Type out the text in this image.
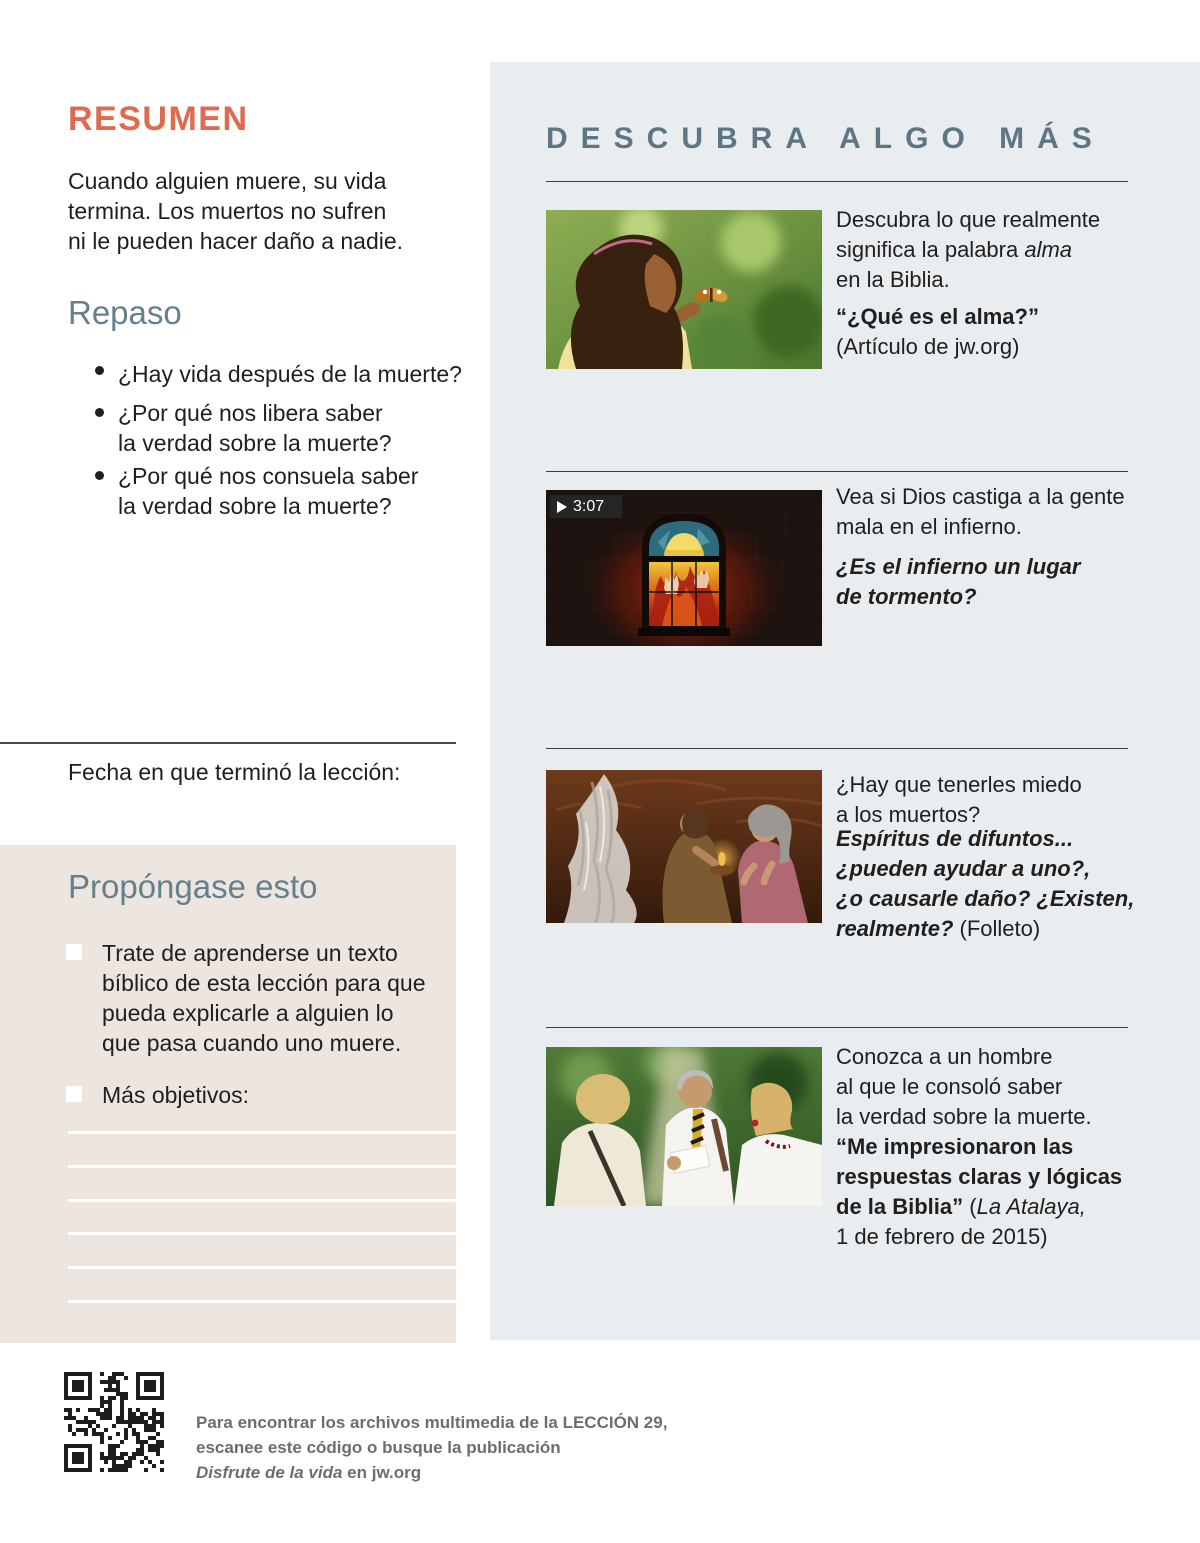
RESUMEN
Cuando alguien muere, su vida
termina. Los muertos no sufren
ni le pueden hacer daño a nadie.
Repaso
¿Hay vida después de la muerte?
¿Por qué nos libera saber
la verdad sobre la muerte?
¿Por qué nos consuela saber
la verdad sobre la muerte?
Fecha en que terminó la lección:
Propóngase esto
Trate de aprenderse un texto
bíblico de esta lección para que
pueda explicarle a alguien lo
que pasa cuando uno muere.
Más objetivos:
Para encontrar los archivos multimedia de la LECCIÓN 29,
escanee este código o busque la publicación
Disfrute de la vida en jw.org
DESCUBRA ALGO MÁS
Descubra lo que realmente
significa la palabra alma
en la Biblia.
“¿Qué es el alma?”
(Artículo de jw.org)
3:07	Vea si Dios castiga a la gente
mala en el infierno.
¿Es el infierno un lugar
de tormento?
¿Hay que tenerles miedo
a los muertos?
Espíritus de difuntos...
¿pueden ayudar a uno?,
¿o causarle daño? ¿Existen,
realmente? (Folleto)
Conozca a un hombre
al que le consoló saber
la verdad sobre la muerte.
“Me impresionaron las
respuestas claras y lógicas
de la Biblia” (La Atalaya,
1 de febrero de 2015)
